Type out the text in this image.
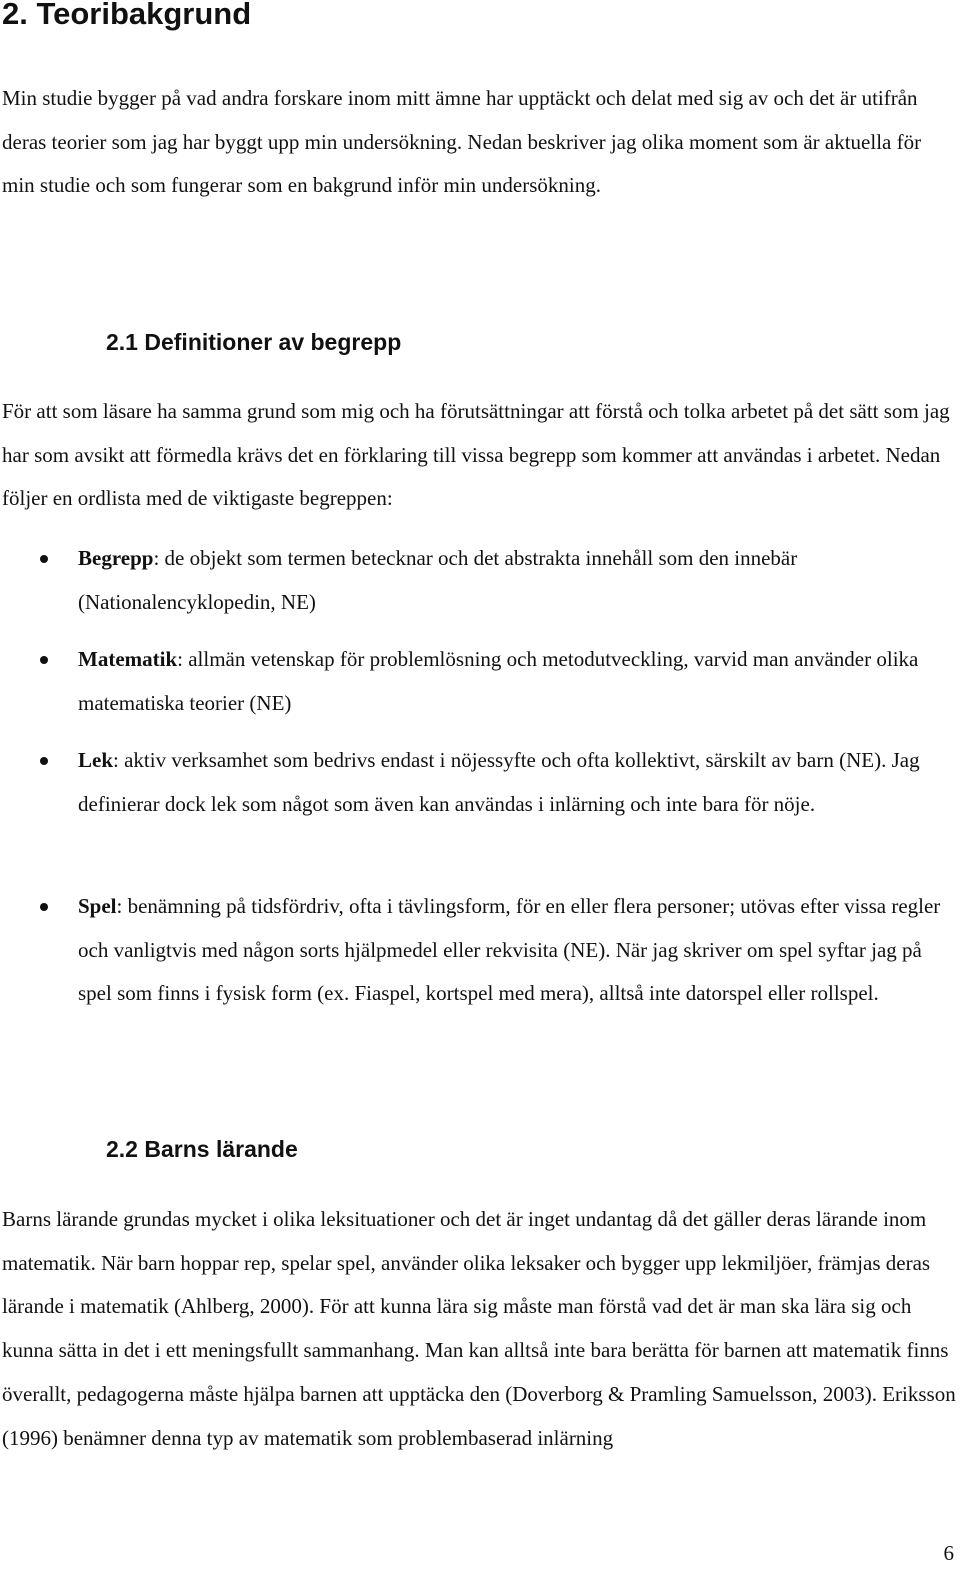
2. Teoribakgrund

Min studie bygger på vad andra forskare inom mitt ämne har upptäckt och delat med sig av och det är utifrån deras teorier som jag har byggt upp min undersökning. Nedan beskriver jag olika moment som är aktuella för min studie och som fungerar som en bakgrund inför min undersökning.

2.1 Definitioner av begrepp

För att som läsare ha samma grund som mig och ha förutsättningar att förstå och tolka arbetet på det sätt som jag har som avsikt att förmedla krävs det en förklaring till vissa begrepp som kommer att användas i arbetet. Nedan följer en ordlista med de viktigaste begreppen:

Begrepp: de objekt som termen betecknar och det abstrakta innehåll som den innebär (Nationalencyklopedin, NE)
Matematik: allmän vetenskap för problemlösning och metodutveckling, varvid man använder olika matematiska teorier (NE)
Lek: aktiv verksamhet som bedrivs endast i nöjessyfte och ofta kollektivt, särskilt av barn (NE). Jag definierar dock lek som något som även kan användas i inlärning och inte bara för nöje.
Spel: benämning på tidsfördriv, ofta i tävlingsform, för en eller flera personer; utövas efter vissa regler och vanligtvis med någon sorts hjälpmedel eller rekvisita (NE). När jag skriver om spel syftar jag på spel som finns i fysisk form (ex. Fiaspel, kortspel med mera), alltså inte datorspel eller rollspel.
2.2 Barns lärande

Barns lärande grundas mycket i olika leksituationer och det är inget undantag då det gäller deras lärande inom matematik. När barn hoppar rep, spelar spel, använder olika leksaker och bygger upp lekmiljöer, främjas deras lärande i matematik (Ahlberg, 2000). För att kunna lära sig måste man förstå vad det är man ska lära sig och kunna sätta in det i ett meningsfullt sammanhang. Man kan alltså inte bara berätta för barnen att matematik finns överallt, pedagogerna måste hjälpa barnen att upptäcka den (Doverborg & Pramling Samuelsson, 2003). Eriksson (1996) benämner denna typ av matematik som problembaserad inlärning

6
